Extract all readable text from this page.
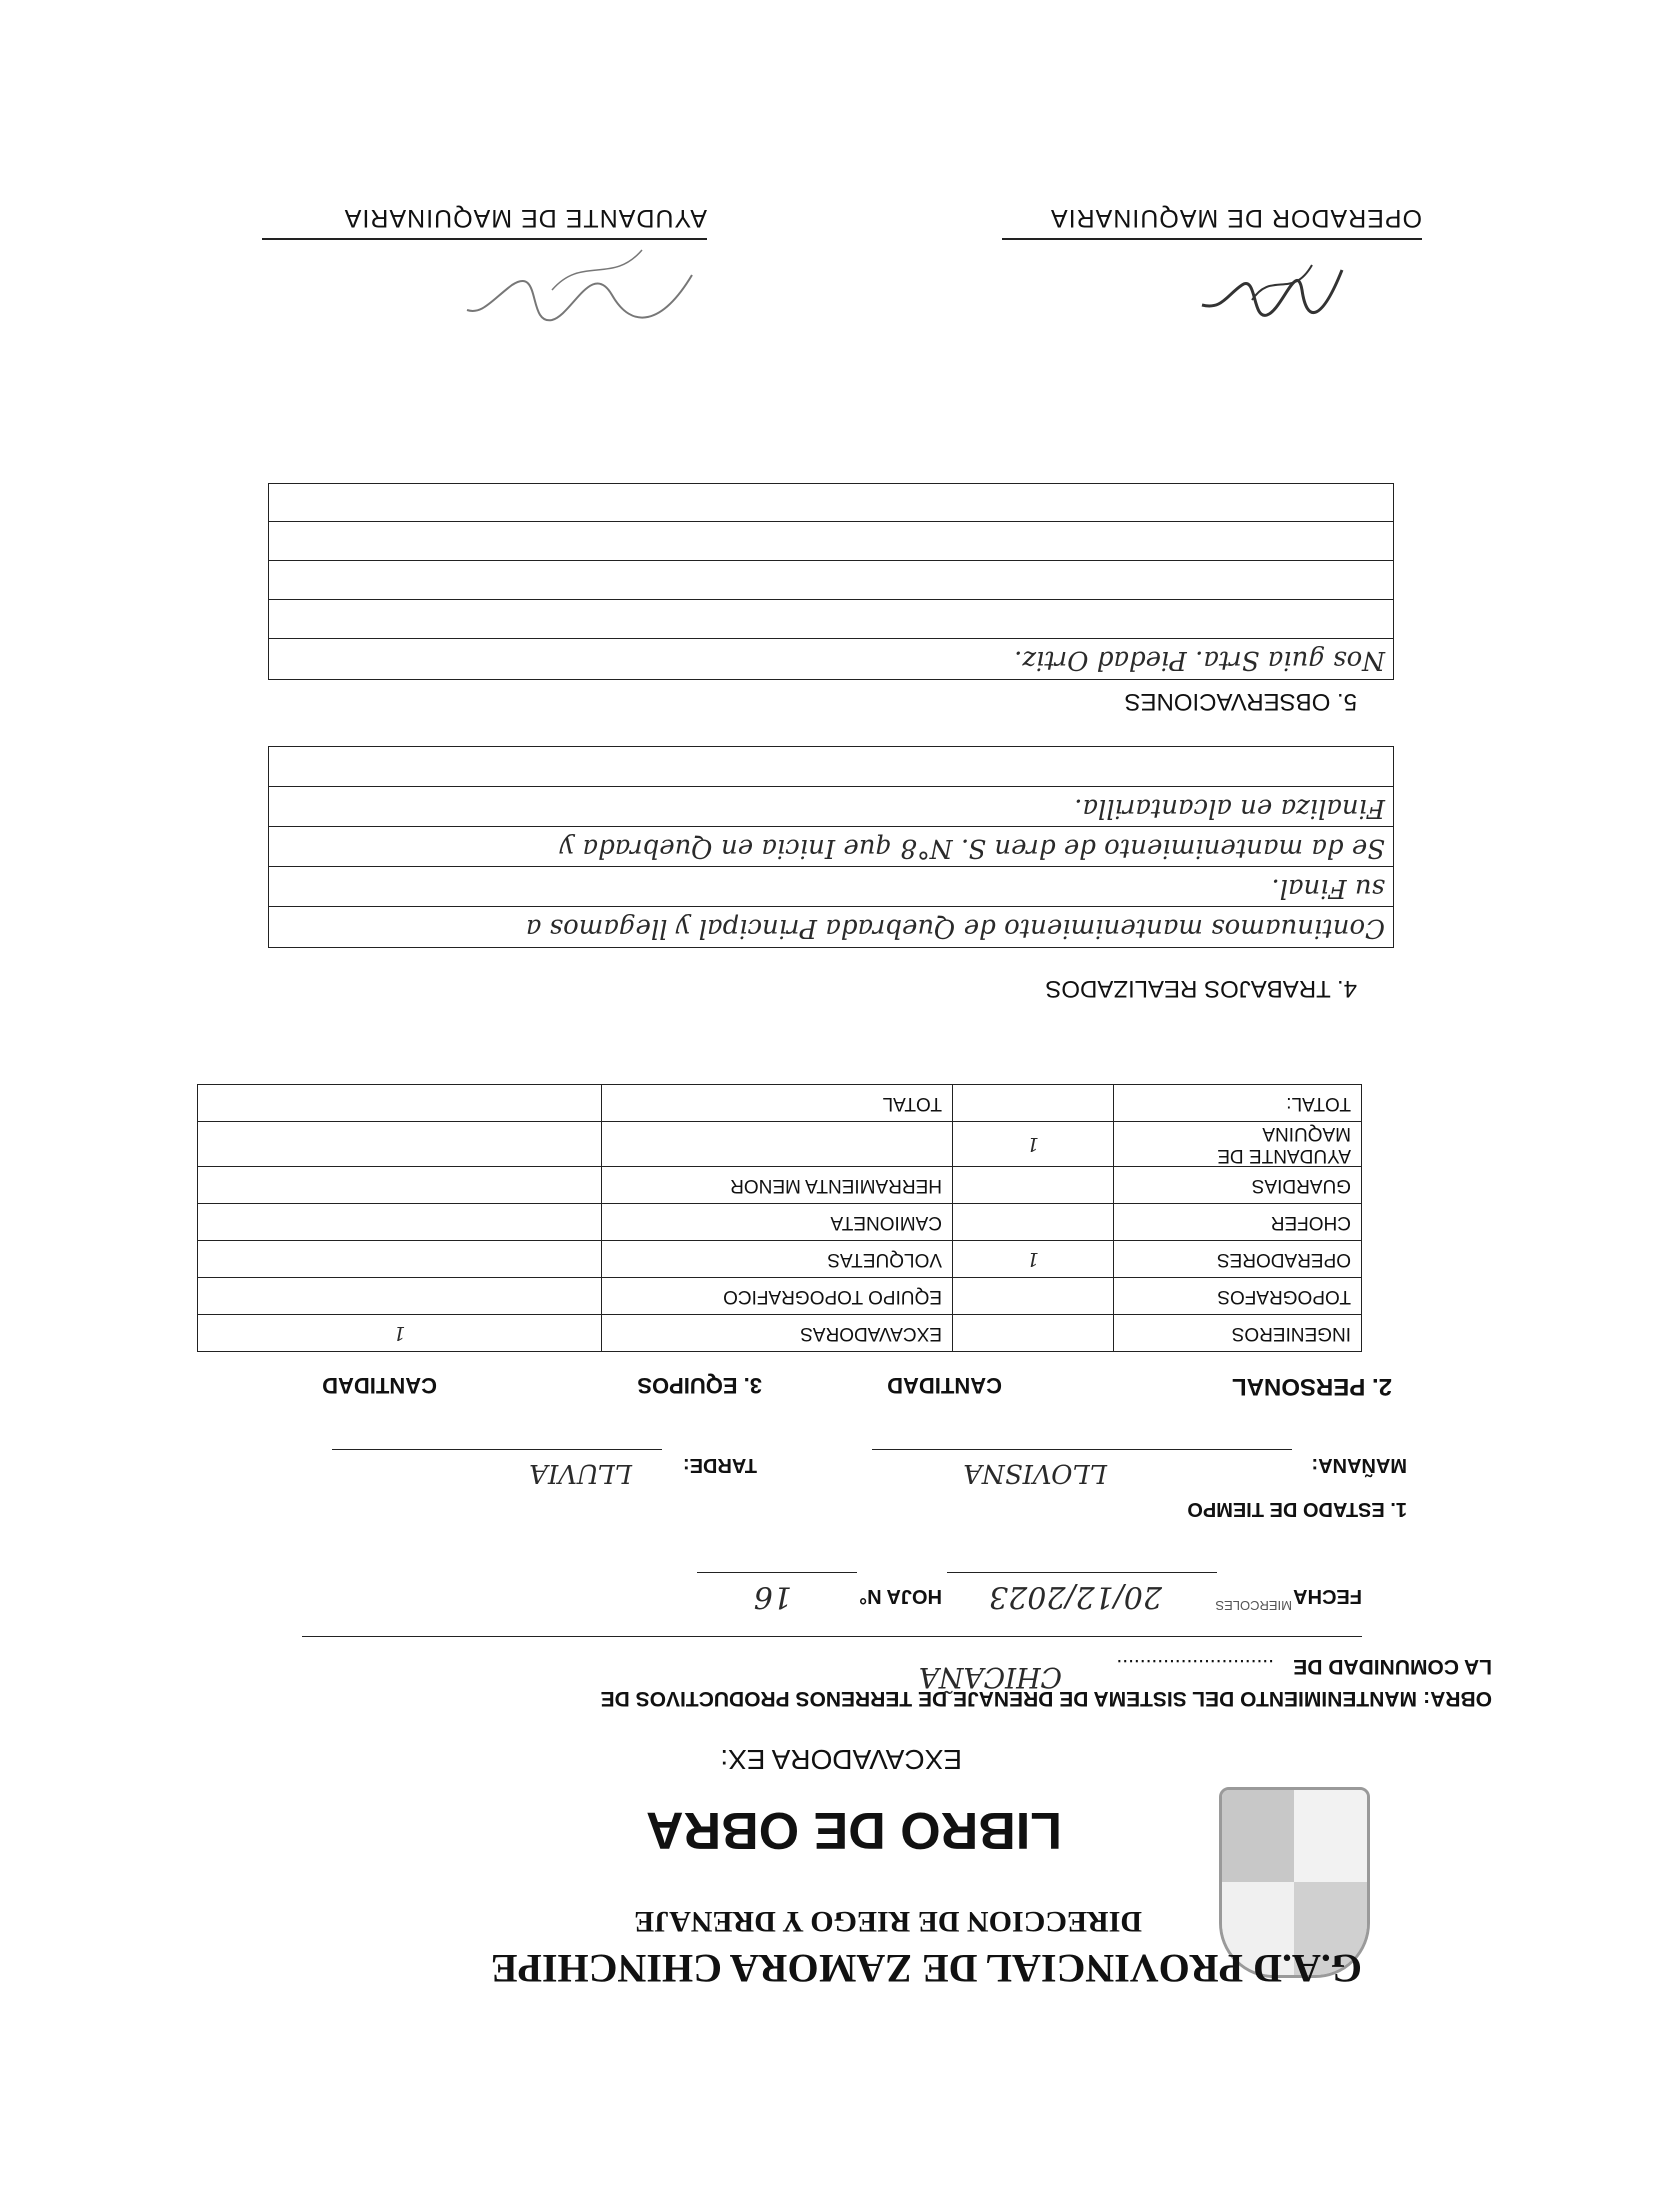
G.A.D PROVINCIAL DE ZAMORA CHINCHIPE
DIRECCION DE RIEGO Y DRENAJE
LIBRO DE OBRA
EXCAVADORA EX:
OBRA:
MANTENIMIENTO DEL SISTEMA DE DRENAJE DE TERRENOS PRODUCTIVOS DE
LA COMUNIDAD DE
...........................
CHICAÑA
FECHA
MIERCOLES
20/12/2023
HOJA N°
16
1. ESTADO DE TIEMPO
MAÑANA:
LLOVISNA
TARDE:
LLUVIA
2. PERSONAL
CANTIDAD
3. EQUIPOS
CANTIDAD
INGENIEROS		EXCAVADORAS	1
TOPOGRAFOS		EQUIPO TOPOGRAFICO	
OPERADORES	1	VOLQUETAS	
CHOFER		CAMIONETA	
GUARDIAS		HERRAMIENTA MENOR	
AYUDANTE DE MAQUINA	1		
TOTAL:		TOTAL	
4. TRABAJOS REALIZADOS
Continuamos mantenimiento de Quebrada Principal y llegamos a
su Final.
Se da mantenimiento de dren S. N°8 que Inicia en Quebrada y
Finaliza en alcantarilla.
5. OBSERVACIONES
Nos guia Srta. Piedad Ortiz.
OPERADOR DE MAQUINARIA
AYUDANTE DE MAQUINARIA
